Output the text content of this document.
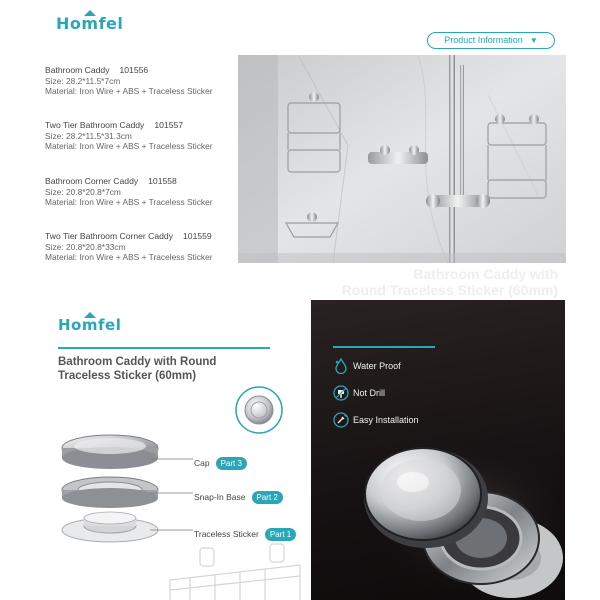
Ho
mfel
Product Information ▼
Bathroom Caddy 101556
Size: 28.2*11.5*7cm
Material: Iron Wire + ABS + Traceless Sticker
Two Tier Bathroom Caddy 101557
Size: 28.2*11.5*31.3cm
Material: Iron Wire + ABS + Traceless Sticker
Bathroom Corner Caddy 101558
Size: 20.8*20.8*7cm
Material: Iron Wire + ABS + Traceless Sticker
Two Tier Bathroom Corner Caddy 101559
Size: 20.8*20.8*33cm
Material: Iron Wire + ABS + Traceless Sticker
Bathroom Caddy with
Round Traceless Sticker (60mm)
Ho
mfel
Bathroom Caddy with Round
Traceless Sticker (60mm)
Cap Part 3
Snap-In Base Part 2
Traceless Sticker Part 1
Water Proof
Not Drill
Easy Installation
